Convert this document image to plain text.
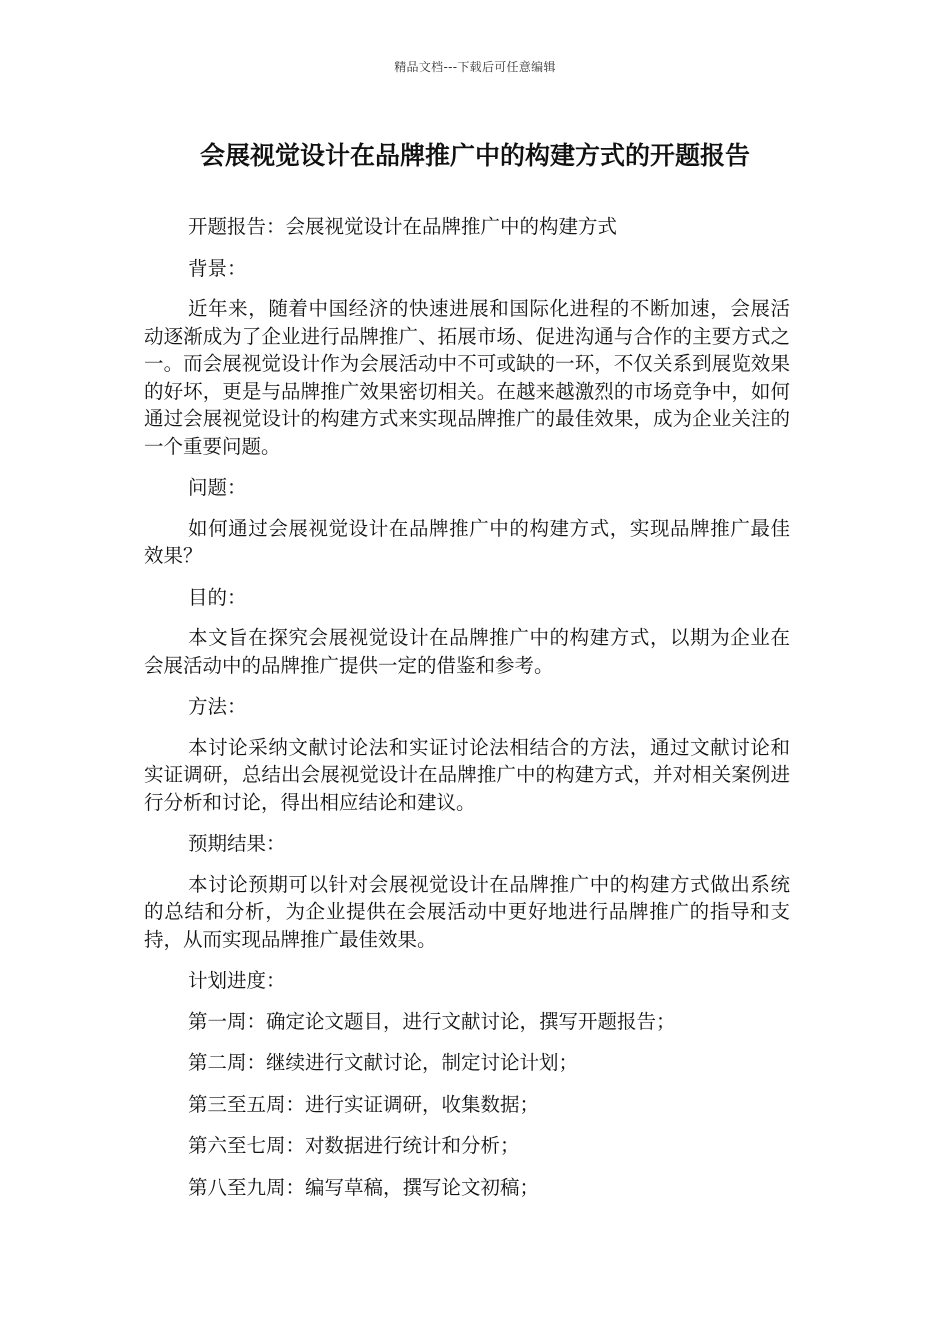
精品文档---下载后可任意编辑
会展视觉设计在品牌推广中的构建方式的开题报告

开题报告：会展视觉设计在品牌推广中的构建方式

背景：

近年来，随着中国经济的快速进展和国际化进程的不断加速，会展活动逐渐成为了企业进行品牌推广、拓展市场、促进沟通与合作的主要方式之一。而会展视觉设计作为会展活动中不可或缺的一环，不仅关系到展览效果的好坏，更是与品牌推广效果密切相关。在越来越激烈的市场竞争中，如何通过会展视觉设计的构建方式来实现品牌推广的最佳效果，成为企业关注的一个重要问题。

问题：

如何通过会展视觉设计在品牌推广中的构建方式，实现品牌推广最佳效果？

目的：

本文旨在探究会展视觉设计在品牌推广中的构建方式，以期为企业在会展活动中的品牌推广提供一定的借鉴和参考。

方法：

本讨论采纳文献讨论法和实证讨论法相结合的方法，通过文献讨论和实证调研，总结出会展视觉设计在品牌推广中的构建方式，并对相关案例进行分析和讨论，得出相应结论和建议。

预期结果：

本讨论预期可以针对会展视觉设计在品牌推广中的构建方式做出系统的总结和分析，为企业提供在会展活动中更好地进行品牌推广的指导和支持，从而实现品牌推广最佳效果。

计划进度：

第一周：确定论文题目，进行文献讨论，撰写开题报告；

第二周：继续进行文献讨论，制定讨论计划；

第三至五周：进行实证调研，收集数据；

第六至七周：对数据进行统计和分析；

第八至九周：编写草稿，撰写论文初稿；
